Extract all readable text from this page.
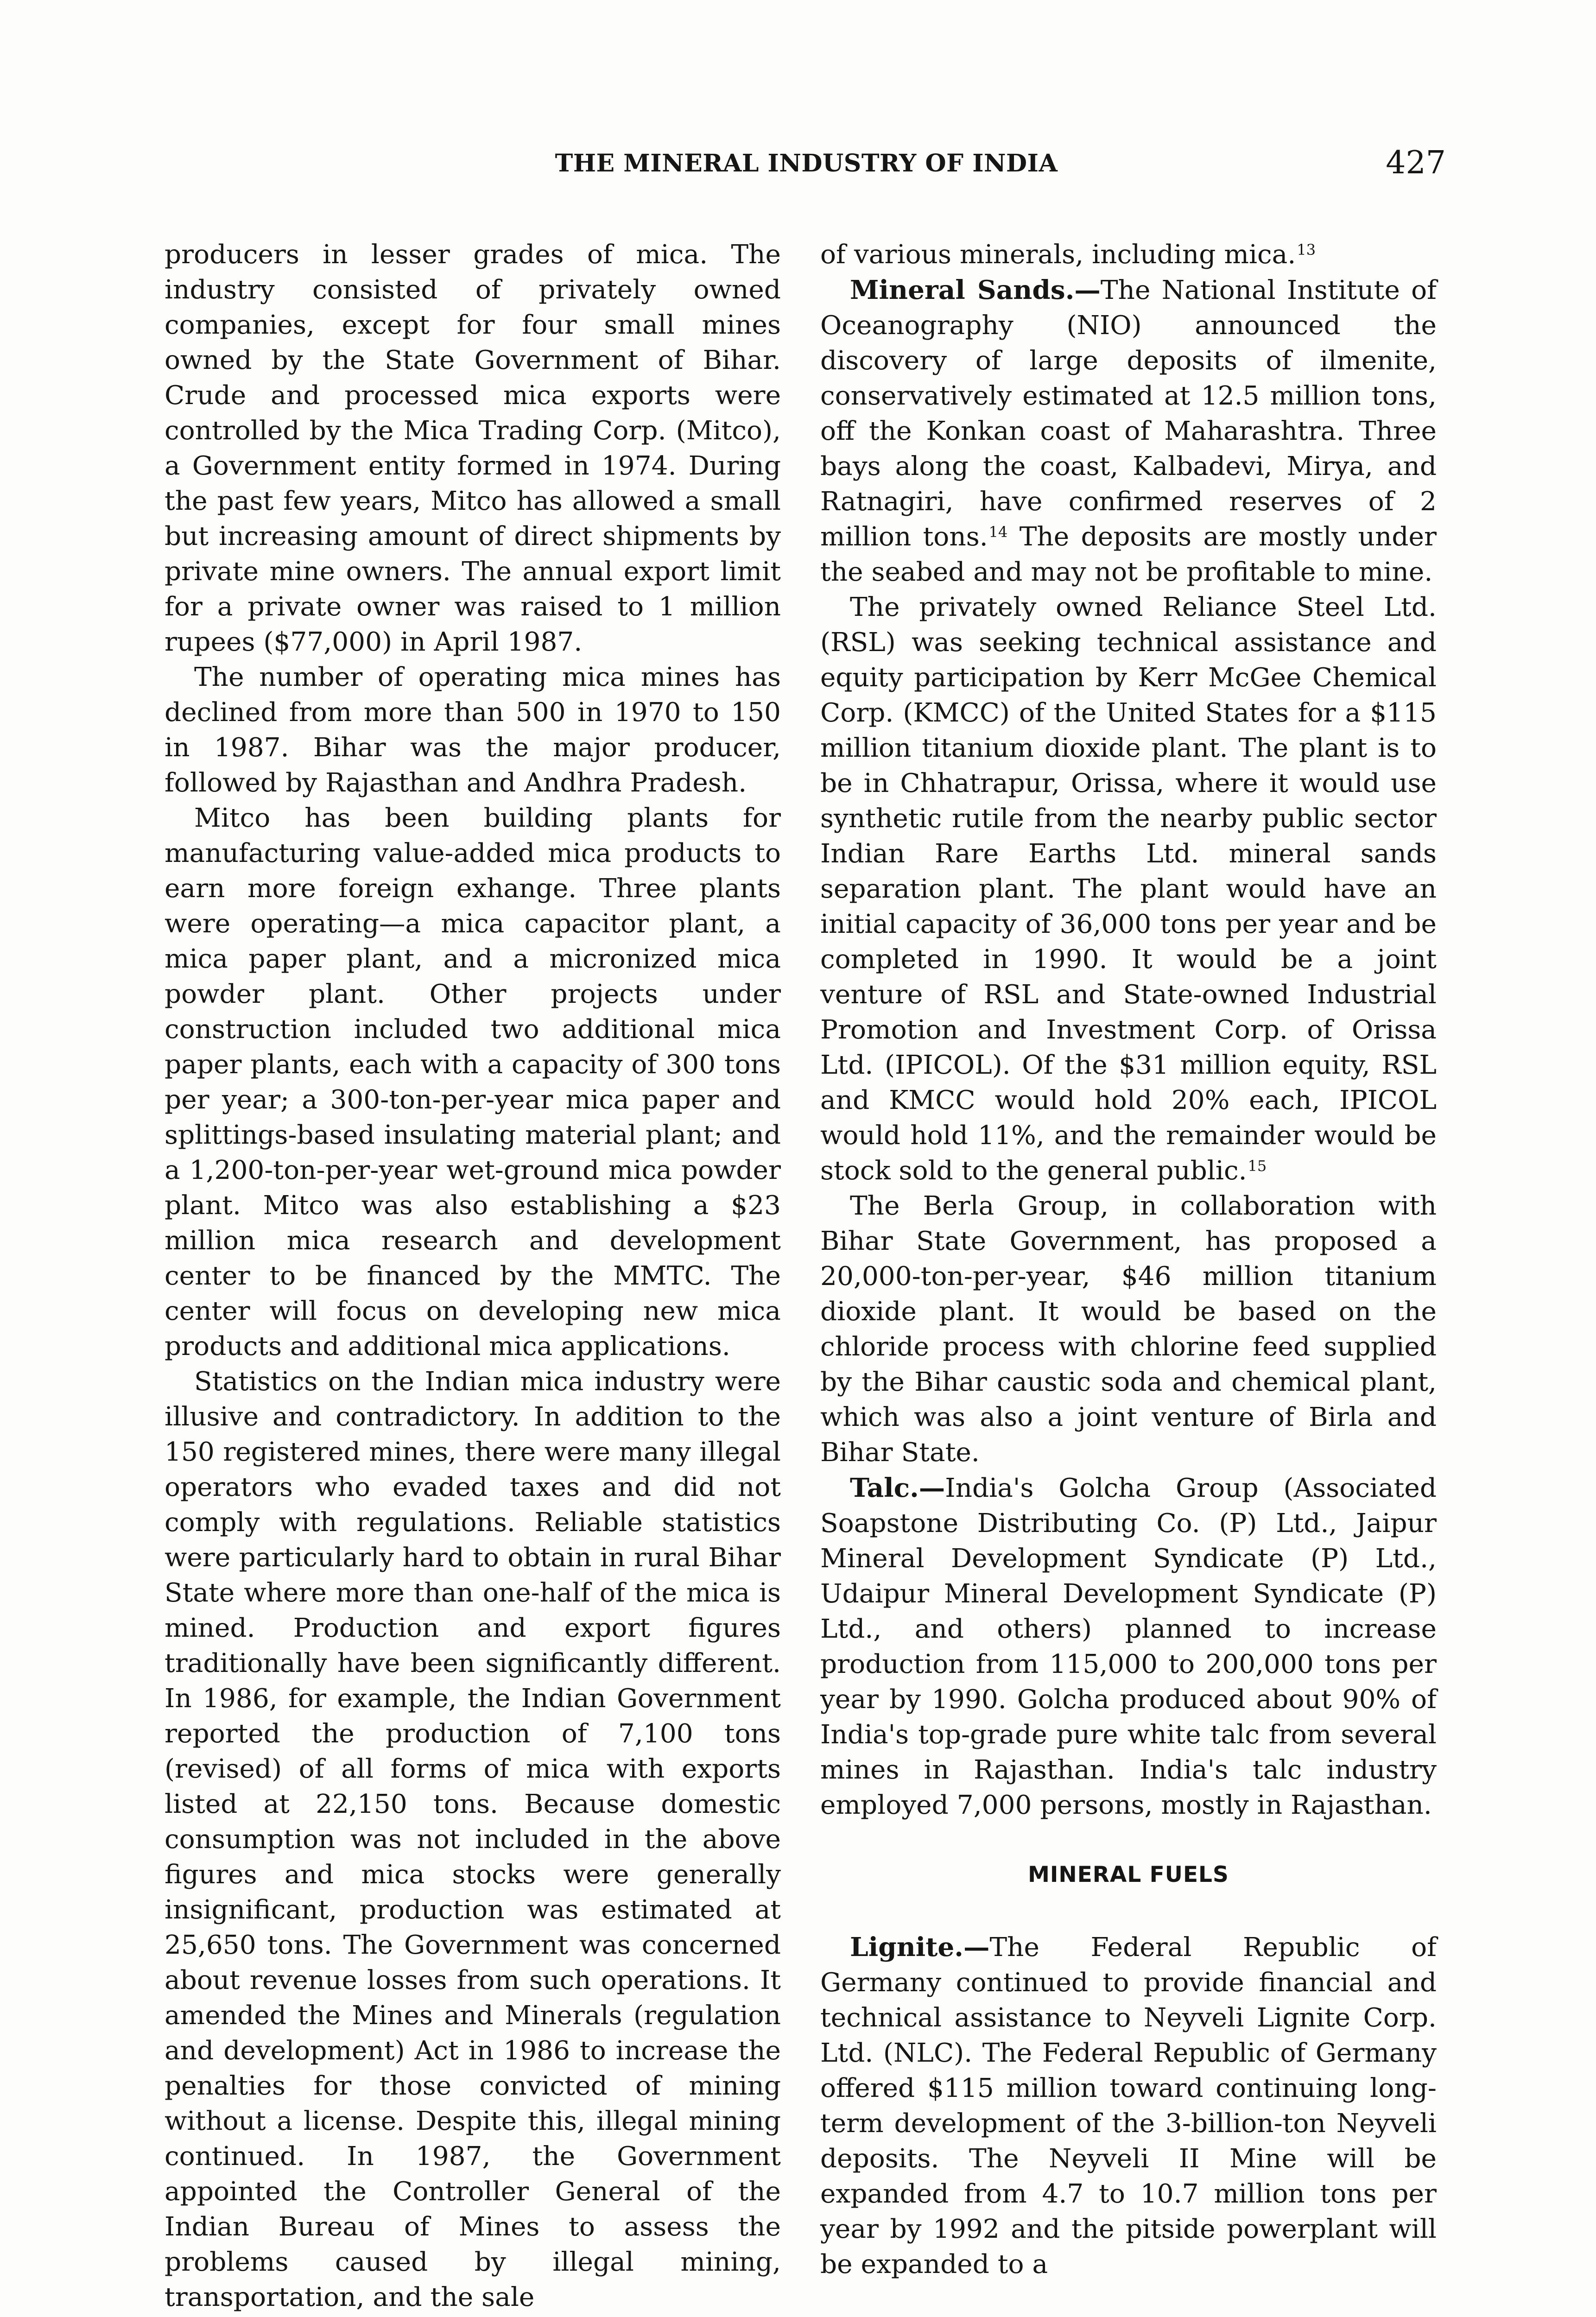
THE MINERAL INDUSTRY OF INDIA	427

producers in lesser grades of mica. The industry consisted of privately owned companies, except for four small mines owned by the State Government of Bihar. Crude and processed mica exports were controlled by the Mica Trading Corp. (Mitco), a Government entity formed in 1974. During the past few years, Mitco has allowed a small but increasing amount of direct shipments by private mine owners. The annual export limit for a private owner was raised to 1 million rupees ($77,000) in April 1987.

The number of operating mica mines has declined from more than 500 in 1970 to 150 in 1987. Bihar was the major producer, followed by Rajasthan and Andhra Pradesh.

Mitco has been building plants for manufacturing value-added mica products to earn more foreign exhange. Three plants were operating—a mica capacitor plant, a mica paper plant, and a micronized mica powder plant. Other projects under construction included two additional mica paper plants, each with a capacity of 300 tons per year; a 300-ton-per-year mica paper and splittings-based insulating material plant; and a 1,200-ton-per-year wet-ground mica powder plant. Mitco was also establishing a $23 million mica research and development center to be financed by the MMTC. The center will focus on developing new mica products and additional mica applications.

Statistics on the Indian mica industry were illusive and contradictory. In addition to the 150 registered mines, there were many illegal operators who evaded taxes and did not comply with regulations. Reliable statistics were particularly hard to obtain in rural Bihar State where more than one-half of the mica is mined. Production and export figures traditionally have been significantly different. In 1986, for example, the Indian Government reported the production of 7,100 tons (revised) of all forms of mica with exports listed at 22,150 tons. Because domestic consumption was not included in the above figures and mica stocks were generally insignificant, production was estimated at 25,650 tons. The Government was concerned about revenue losses from such operations. It amended the Mines and Minerals (regulation and development) Act in 1986 to increase the penalties for those convicted of mining without a license. Despite this, illegal mining continued. In 1987, the Government appointed the Controller General of the Indian Bureau of Mines to assess the problems caused by illegal mining, transportation, and the sale

of various minerals, including mica.$^{13}$

Mineral Sands.—The National Institute of Oceanography (NIO) announced the discovery of large deposits of ilmenite, conservatively estimated at 12.5 million tons, off the Konkan coast of Maharashtra. Three bays along the coast, Kalbadevi, Mirya, and Ratnagiri, have confirmed reserves of 2 million tons.$^{14}$ The deposits are mostly under the seabed and may not be profitable to mine.

The privately owned Reliance Steel Ltd. (RSL) was seeking technical assistance and equity participation by Kerr McGee Chemical Corp. (KMCC) of the United States for a $115 million titanium dioxide plant. The plant is to be in Chhatrapur, Orissa, where it would use synthetic rutile from the nearby public sector Indian Rare Earths Ltd. mineral sands separation plant. The plant would have an initial capacity of 36,000 tons per year and be completed in 1990. It would be a joint venture of RSL and State-owned Industrial Promotion and Investment Corp. of Orissa Ltd. (IPICOL). Of the $31 million equity, RSL and KMCC would hold 20% each, IPICOL would hold 11%, and the remainder would be stock sold to the general public.$^{15}$

The Berla Group, in collaboration with Bihar State Government, has proposed a 20,000-ton-per-year, $46 million titanium dioxide plant. It would be based on the chloride process with chlorine feed supplied by the Bihar caustic soda and chemical plant, which was also a joint venture of Birla and Bihar State.

Talc.—India's Golcha Group (Associated Soapstone Distributing Co. (P) Ltd., Jaipur Mineral Development Syndicate (P) Ltd., Udaipur Mineral Development Syndicate (P) Ltd., and others) planned to increase production from 115,000 to 200,000 tons per year by 1990. Golcha produced about 90% of India's top-grade pure white talc from several mines in Rajasthan. India's talc industry employed 7,000 persons, mostly in Rajasthan.

MINERAL FUELS

Lignite.—The Federal Republic of Germany continued to provide financial and technical assistance to Neyveli Lignite Corp. Ltd. (NLC). The Federal Republic of Germany offered $115 million toward continuing long-term development of the 3-billion-ton Neyveli deposits. The Neyveli II Mine will be expanded from 4.7 to 10.7 million tons per year by 1992 and the pitside powerplant will be expanded to a
